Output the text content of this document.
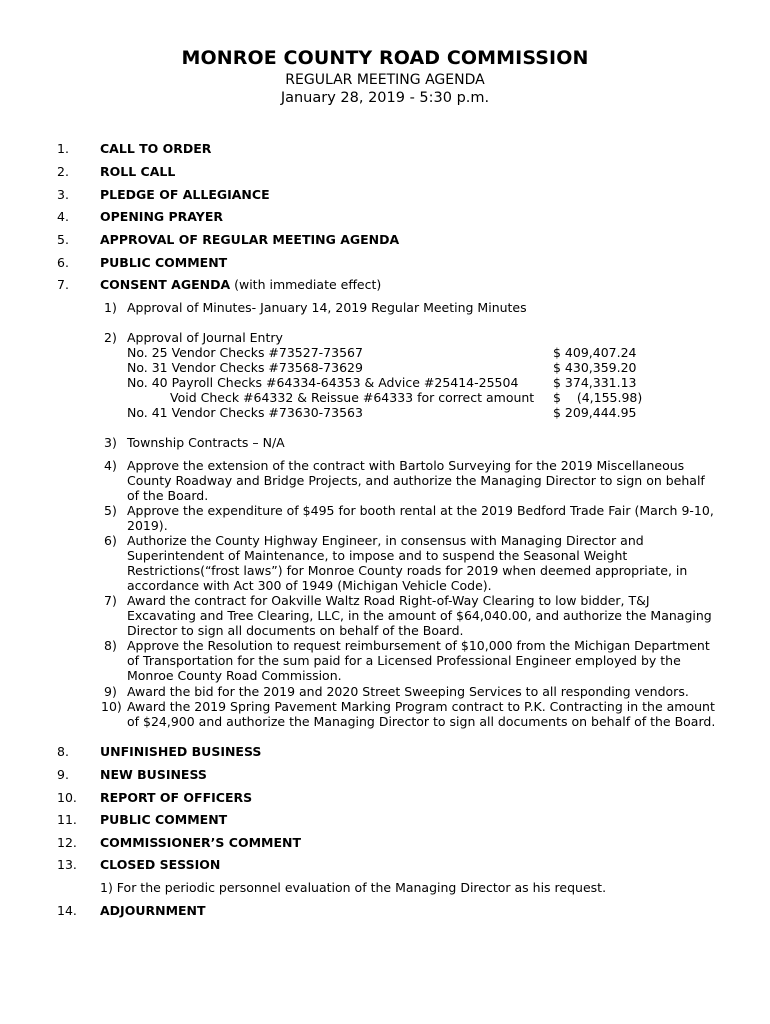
MONROE COUNTY ROAD COMMISSION
REGULAR MEETING AGENDA
January 28, 2019 - 5:30 p.m.
1. CALL TO ORDER
2. ROLL CALL
3. PLEDGE OF ALLEGIANCE
4. OPENING PRAYER
5. APPROVAL OF REGULAR MEETING AGENDA
6. PUBLIC COMMENT
7. CONSENT AGENDA (with immediate effect)
1) Approval of Minutes- January 14, 2019 Regular Meeting Minutes
2) Approval of Journal Entry
No. 25 Vendor Checks #73527-73567	$ 409,407.24
No. 31 Vendor Checks #73568-73629	$ 430,359.20
No. 40 Payroll Checks #64334-64353 & Advice #25414-25504	$ 374,331.13
Void Check #64332 & Reissue #64333 for correct amount $    (4,155.98)
No. 41 Vendor Checks #73630-73563	$ 209,444.95
3) Township Contracts – N/A
4) Approve the extension of the contract with Bartolo Surveying for the 2019 Miscellaneous County Roadway and Bridge Projects, and authorize the Managing Director to sign on behalf of the Board.
5) Approve the expenditure of $495 for booth rental at the 2019 Bedford Trade Fair (March 9-10, 2019).
6) Authorize the County Highway Engineer, in consensus with Managing Director and Superintendent of Maintenance, to impose and to suspend the Seasonal Weight Restrictions(“frost laws”) for Monroe County roads for 2019 when deemed appropriate, in accordance with Act 300 of 1949 (Michigan Vehicle Code).
7) Award the contract for Oakville Waltz Road Right-of-Way Clearing to low bidder, T&J Excavating and Tree Clearing, LLC, in the amount of $64,040.00, and authorize the Managing Director to sign all documents on behalf of the Board.
8) Approve the Resolution to request reimbursement of $10,000 from the Michigan Department of Transportation for the sum paid for a Licensed Professional Engineer employed by the Monroe County Road Commission.
9) Award the bid for the 2019 and 2020 Street Sweeping Services to all responding vendors.
10) Award the 2019 Spring Pavement Marking Program contract to P.K. Contracting in the amount of $24,900 and authorize the Managing Director to sign all documents on behalf of the Board.
8. UNFINISHED BUSINESS
9. NEW BUSINESS
10. REPORT OF OFFICERS
11. PUBLIC COMMENT
12. COMMISSIONER’S COMMENT
13. CLOSED SESSION
1) For the periodic personnel evaluation of the Managing Director as his request.
14. ADJOURNMENT
